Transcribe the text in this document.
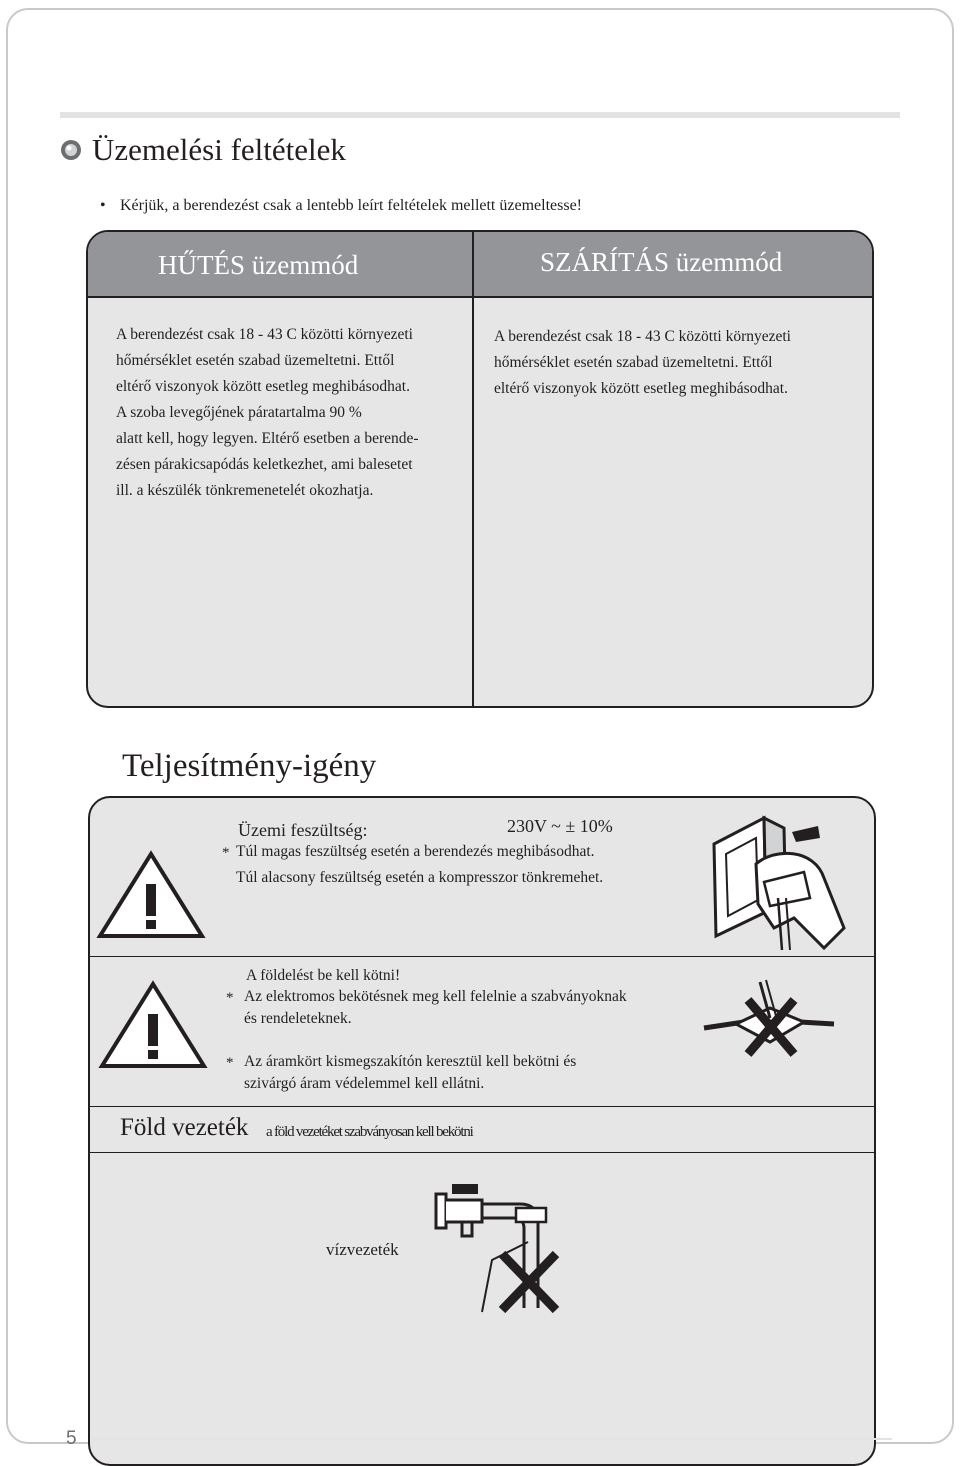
Üzemelési feltételek
• Kérjük, a berendezést csak a lentebb leírt feltételek mellett üzemeltesse!
HŰTÉS üzemmód	SZÁRÍTÁS üzemmód
A berendezést csak 18 - 43 C közötti környezeti
hőmérséklet esetén szabad üzemeltetni. Ettől
eltérő viszonyok között esetleg meghibásodhat.
A szoba levegőjének páratartalma 90 %
alatt kell, hogy legyen. Eltérő esetben a berende-
zésen párakicsapódás keletkezhet, ami balesetet
ill. a készülék tönkremenetelét okozhatja.
A berendezést csak 18 - 43 C közötti környezeti
hőmérséklet esetén szabad üzemeltetni. Ettől
eltérő viszonyok között esetleg meghibásodhat.
Teljesítmény-igény
Üzemi feszültség:	230V ~ ± 10%
* Túl magas feszültség esetén a berendezés meghibásodhat.
Túl alacsony feszültség esetén a kompresszor tönkremehet.
A földelést be kell kötni!
* Az elektromos bekötésnek meg kell felelnie a szabványoknak
és rendeleteknek.
* Az áramkört kismegszakítón keresztül kell bekötni és
szivárgó áram védelemmel kell ellátni.
Föld vezeték a föld vezetéket szabványosan kell bekötni
vízvezeték
5
